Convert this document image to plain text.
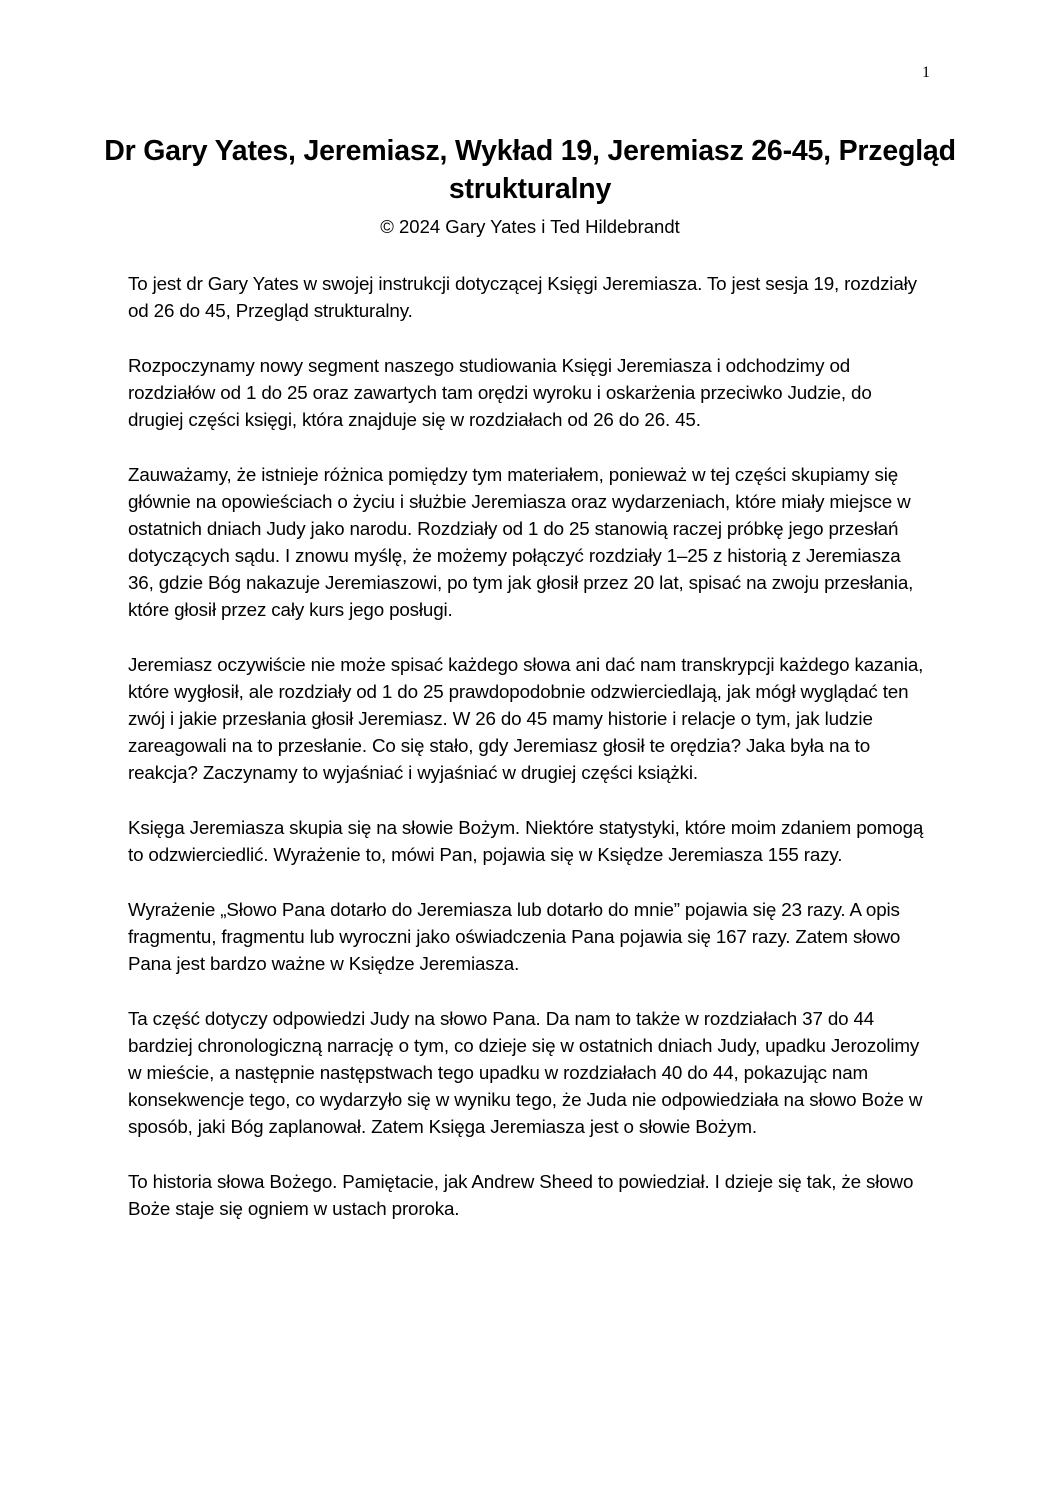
1
Dr Gary Yates, Jeremiasz, Wykład 19, Jeremiasz 26-45, Przegląd strukturalny
© 2024 Gary Yates i Ted Hildebrandt

To jest dr Gary Yates w swojej instrukcji dotyczącej Księgi Jeremiasza. To jest sesja 19, rozdziały od 26 do 45, Przegląd strukturalny.

Rozpoczynamy nowy segment naszego studiowania Księgi Jeremiasza i odchodzimy od rozdziałów od 1 do 25 oraz zawartych tam orędzi wyroku i oskarżenia przeciwko Judzie, do drugiej części księgi, która znajduje się w rozdziałach od 26 do 26. 45.

Zauważamy, że istnieje różnica pomiędzy tym materiałem, ponieważ w tej części skupiamy się głównie na opowieściach o życiu i służbie Jeremiasza oraz wydarzeniach, które miały miejsce w ostatnich dniach Judy jako narodu. Rozdziały od 1 do 25 stanowią raczej próbkę jego przesłań dotyczących sądu. I znowu myślę, że możemy połączyć rozdziały 1–25 z historią z Jeremiasza 36, gdzie Bóg nakazuje Jeremiaszowi, po tym jak głosił przez 20 lat, spisać na zwoju przesłania, które głosił przez cały kurs jego posługi.

Jeremiasz oczywiście nie może spisać każdego słowa ani dać nam transkrypcji każdego kazania, które wygłosił, ale rozdziały od 1 do 25 prawdopodobnie odzwierciedlają, jak mógł wyglądać ten zwój i jakie przesłania głosił Jeremiasz. W 26 do 45 mamy historie i relacje o tym, jak ludzie zareagowali na to przesłanie. Co się stało, gdy Jeremiasz głosił te orędzia? Jaka była na to reakcja? Zaczynamy to wyjaśniać i wyjaśniać w drugiej części książki.

Księga Jeremiasza skupia się na słowie Bożym. Niektóre statystyki, które moim zdaniem pomogą to odzwierciedlić. Wyrażenie to, mówi Pan, pojawia się w Księdze Jeremiasza 155 razy.

Wyrażenie „Słowo Pana dotarło do Jeremiasza lub dotarło do mnie” pojawia się 23 razy. A opis fragmentu, fragmentu lub wyroczni jako oświadczenia Pana pojawia się 167 razy. Zatem słowo Pana jest bardzo ważne w Księdze Jeremiasza.

Ta część dotyczy odpowiedzi Judy na słowo Pana. Da nam to także w rozdziałach 37 do 44 bardziej chronologiczną narrację o tym, co dzieje się w ostatnich dniach Judy, upadku Jerozolimy w mieście, a następnie następstwach tego upadku w rozdziałach 40 do 44, pokazując nam konsekwencje tego, co wydarzyło się w wyniku tego, że Juda nie odpowiedziała na słowo Boże w sposób, jaki Bóg zaplanował. Zatem Księga Jeremiasza jest o słowie Bożym.

To historia słowa Bożego. Pamiętacie, jak Andrew Sheed to powiedział. I dzieje się tak, że słowo Boże staje się ogniem w ustach proroka.
